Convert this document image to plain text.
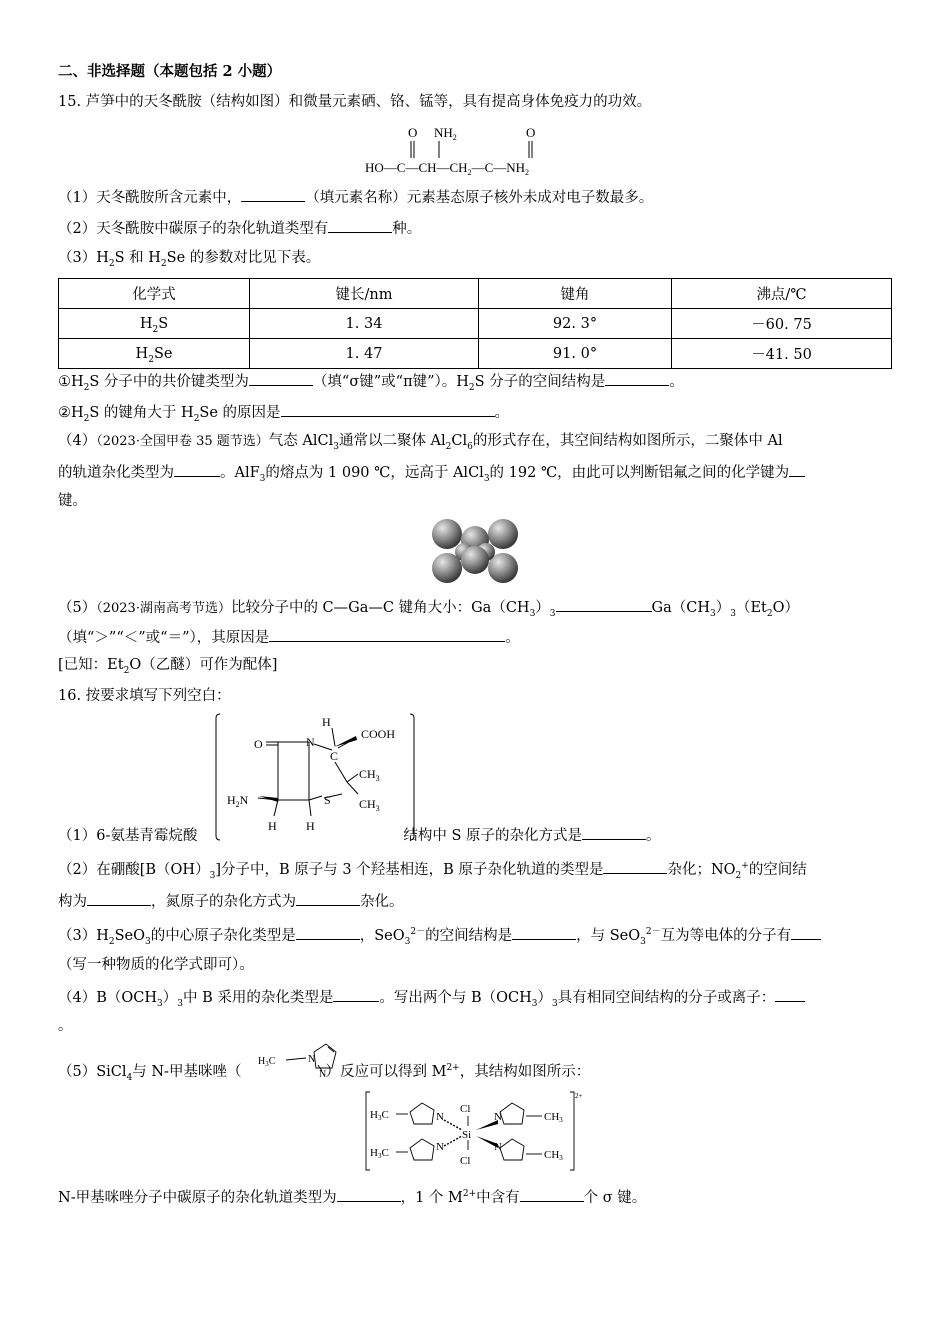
二、非选择题（本题包括 2 小题）
15. 芦笋中的天冬酰胺（结构如图）和微量元素硒、铬、锰等，具有提高身体免疫力的功效。
O $NH_2$	O
$HO—C—CH—CH_2—C—NH_2$
（1）天冬酰胺所含元素中，	（填元素名称）元素基态原子核外未成对电子数最多。
（2）天冬酰胺中碳原子的杂化轨道类型有	种。
$(3)H_2S$ 和 $H_2Se$ 的参数对比见下表。
化学式	键长/nm	键角	沸点/℃
$H_2S$	1. 34	92. 3°	－60. 75
$H_2Se$	1. 47	91. 0°	－41. 50
$①H_2S$ 分子中的共价键类型为	（填“σ键”或“π键”）。$H_2S$ 分子的空间结构是	。
$②H_2S$ 的键角大于 $H_2Se$ 的原因是	。
（4）（2023·全国甲卷 35 题节选）气态 AlCl$_3$通常以二聚体 $Al_2Cl_6$的形式存在，其空间结构如图所示，二聚体中 Al
的轨道杂化类型为	。AlF$_3$的熔点为 1 090 ℃，远高于 AlCl$_3$的 192 ℃，由此可以判断铝氟之间的化学键为
键。
（5）（2023·湖南高考节选）比较分子中的 C—Ga—C 键角大小：$Ga(CH_3)_3$	$Ga(CH_3)_3(Et_2O)$
（填“＞”“＜”或“＝”），其原因是	。
[已知：$Et_2O$（乙醚）可作为配体]
16. 按要求填写下列空白：
H
COOH
O	N
C
$CH_3$
$CH_3$
$H_2N$	S
H H
（1）6-氨基青霉烷酸	结构中 S 原子的杂化方式是	。
（2）在硼酸$[B(OH)_3]$分子中，B 原子与 3 个羟基相连，B 原子杂化轨道的类型是	杂化；$NO_2^+$的空间结
构为	，氮原子的杂化方式为	杂化。
$(3)H_2SeO_3$的中心原子杂化类型是	，SeO$_3^{2-}$的空间结构是	，与 SeO$_3^{2-}$互为等电体的分子有
（写一种物质的化学式即可）。
$(4)B(OCH_3)_3$中 B 采用的杂化类型是	。写出两个与 $B(OCH_3)_3$具有相同空间结构的分子或离子：
。
（5）SiCl$_4$与 N-甲基咪唑（	）反应可以得到 $M^{2+}$，其结构如图所示：
$H_3C$	N
N
Cl
Si
Cl
N
N
N
N
H3C
H3C
CH3
CH3
2+
N-甲基咪唑分子中碳原子的杂化轨道类型为	，1 个 $M^{2+}$中含有	个 σ 键。
